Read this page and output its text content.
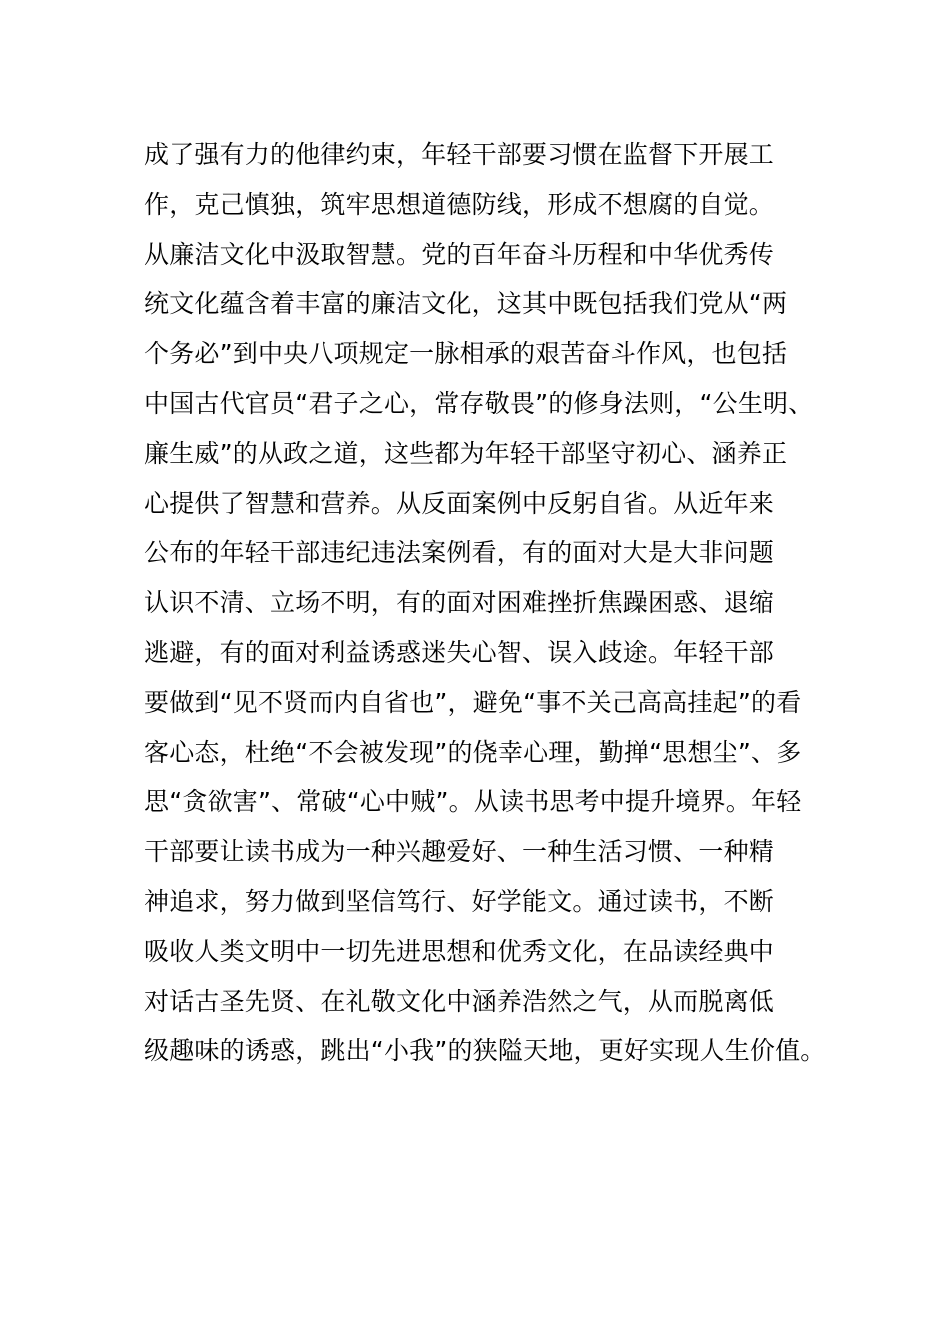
成了强有力的他律约束，年轻干部要习惯在监督下开展工
作，克己慎独，筑牢思想道德防线，形成不想腐的自觉。
从廉洁文化中汲取智慧。党的百年奋斗历程和中华优秀传
统文化蕴含着丰富的廉洁文化，这其中既包括我们党从“两
个务必”到中央八项规定一脉相承的艰苦奋斗作风，也包括
中国古代官员“君子之心，常存敬畏”的修身法则，“公生明、
廉生威”的从政之道，这些都为年轻干部坚守初心、涵养正
心提供了智慧和营养。从反面案例中反躬自省。从近年来
公布的年轻干部违纪违法案例看，有的面对大是大非问题
认识不清、立场不明，有的面对困难挫折焦躁困惑、退缩
逃避，有的面对利益诱惑迷失心智、误入歧途。年轻干部
要做到“见不贤而内自省也”，避免“事不关己高高挂起”的看
客心态，杜绝“不会被发现”的侥幸心理，勤掸“思想尘”、多
思“贪欲害”、常破“心中贼”。从读书思考中提升境界。年轻
干部要让读书成为一种兴趣爱好、一种生活习惯、一种精
神追求，努力做到坚信笃行、好学能文。通过读书，不断
吸收人类文明中一切先进思想和优秀文化，在品读经典中
对话古圣先贤、在礼敬文化中涵养浩然之气，从而脱离低
级趣味的诱惑，跳出“小我”的狭隘天地，更好实现人生价值。
